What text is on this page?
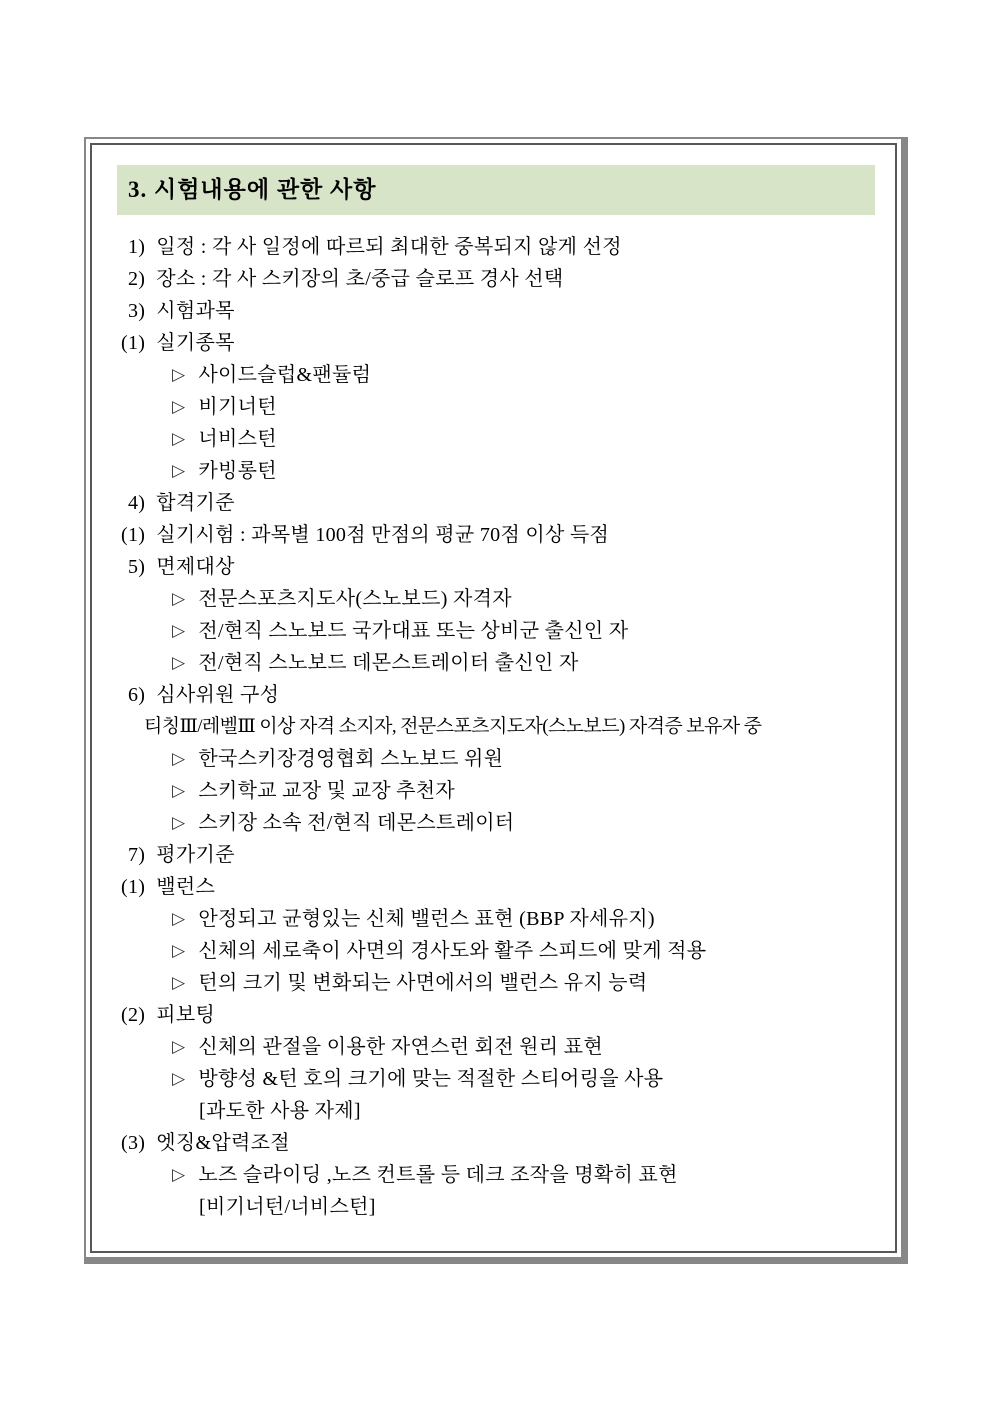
3. 시험내용에 관한 사항
1) 일정 : 각 사 일정에 따르되 최대한 중복되지 않게 선정
2) 장소 : 각 사 스키장의 초/중급 슬로프 경사 선택
3) 시험과목
(1) 실기종목
▷ 사이드슬럽&팬듈럼
▷ 비기너턴
▷ 너비스턴
▷ 카빙롱턴
4) 합격기준
(1) 실기시험 : 과목별 100점 만점의 평균 70점 이상 득점
5) 면제대상
▷ 전문스포츠지도사(스노보드) 자격자
▷ 전/현직 스노보드 국가대표 또는 상비군 출신인 자
▷ 전/현직 스노보드 데몬스트레이터 출신인 자
6) 심사위원 구성
티칭Ⅲ/레벨Ⅲ 이상 자격 소지자, 전문스포츠지도자(스노보드) 자격증 보유자 중
▷ 한국스키장경영협회 스노보드 위원
▷ 스키학교 교장 및 교장 추천자
▷ 스키장 소속 전/현직 데몬스트레이터
7) 평가기준
(1) 밸런스
▷ 안정되고 균형있는 신체 밸런스 표현 (BBP 자세유지)
▷ 신체의 세로축이 사면의 경사도와 활주 스피드에 맞게 적용
▷ 턴의 크기 및 변화되는 사면에서의 밸런스 유지 능력
(2) 피보팅
▷ 신체의 관절을 이용한 자연스런 회전 원리 표현
▷ 방향성 &턴 호의 크기에 맞는 적절한 스티어링을 사용
[과도한 사용 자제]
(3) 엣징&압력조절
▷ 노즈 슬라이딩 ,노즈 컨트롤 등 데크 조작을 명확히 표현
[비기너턴/너비스턴]
